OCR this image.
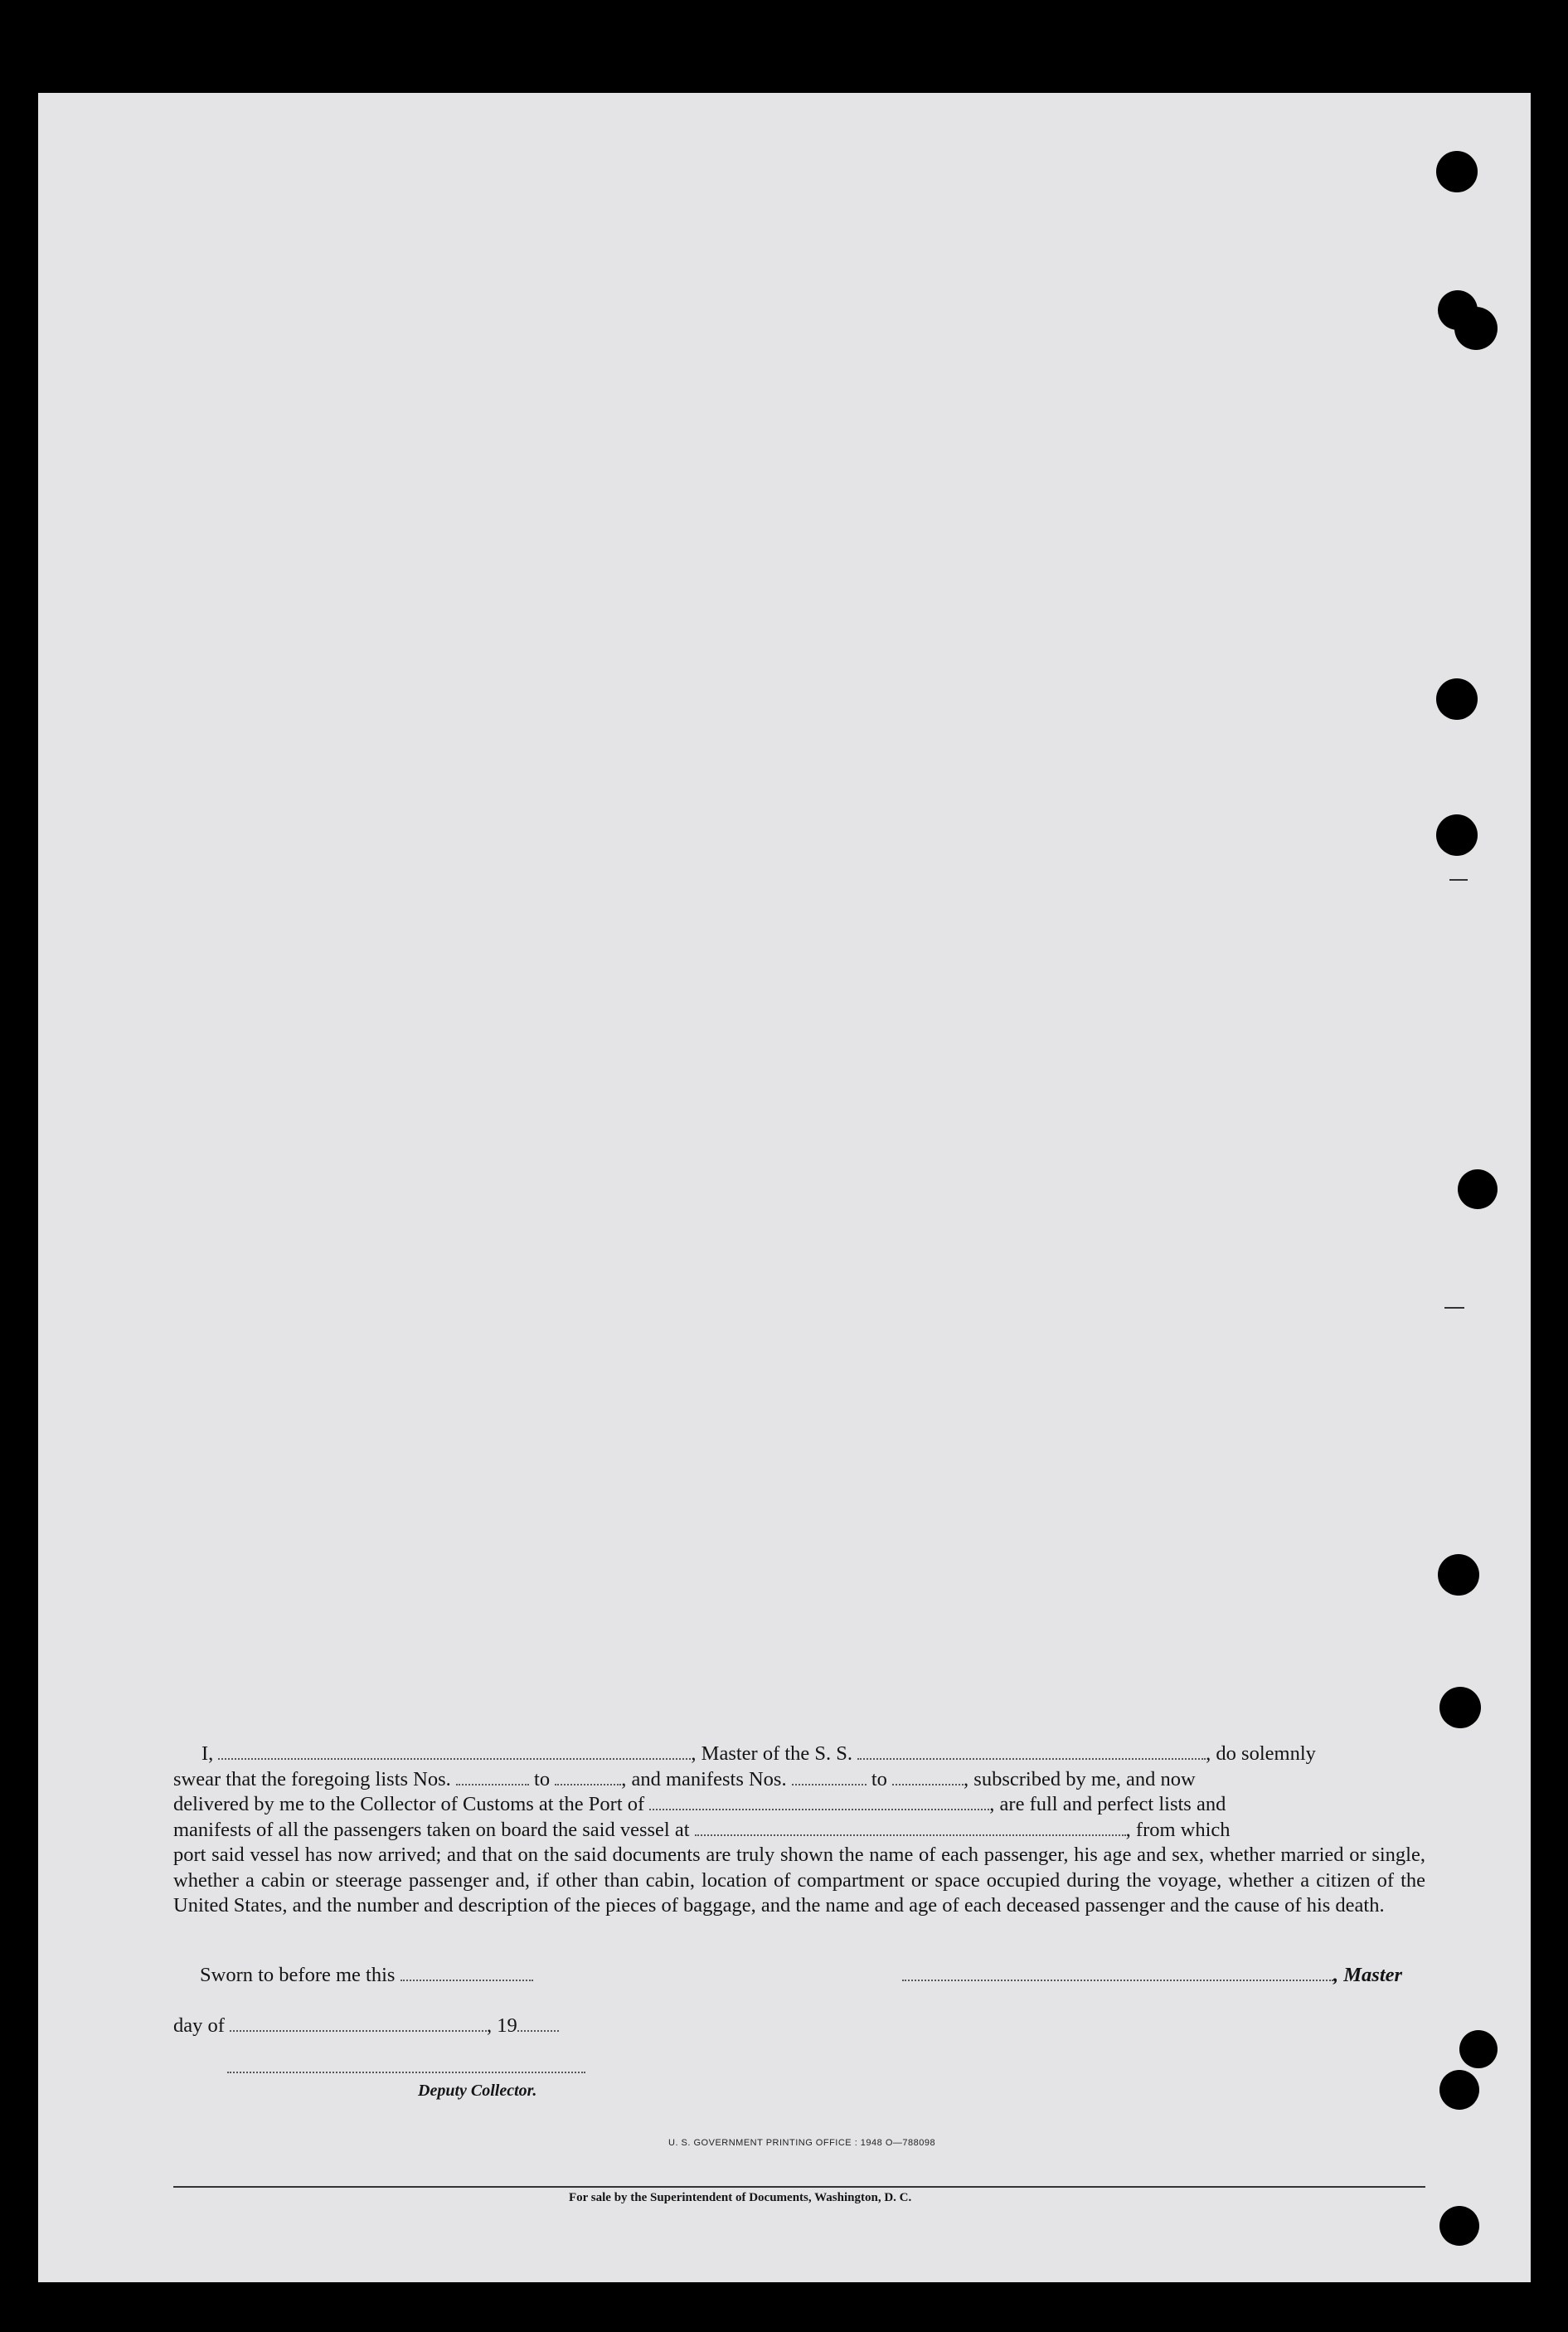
I,	, Master of the S. S.	, do solemnly
swear that the foregoing lists Nos.	to	, and manifests Nos.	to	, subscribed by me, and now
delivered by me to the Collector of Customs at the Port of	, are full and perfect lists and
manifests of all the passengers taken on board the said vessel at	, from which
port said vessel has now arrived; and that on the said documents are truly shown the name of each passenger, his age and sex, whether married or single, whether a cabin or steerage passenger and, if other than cabin, location of compartment or space occupied during the voyage, whether a citizen of the United States, and the number and description of the pieces of baggage, and the name and age of each deceased passenger and the cause of his death.

Sworn to before me this	, Master
day of	, 19
Deputy Collector.
U. S. GOVERNMENT PRINTING OFFICE : 1948 O—788098
For sale by the Superintendent of Documents, Washington, D. C.
